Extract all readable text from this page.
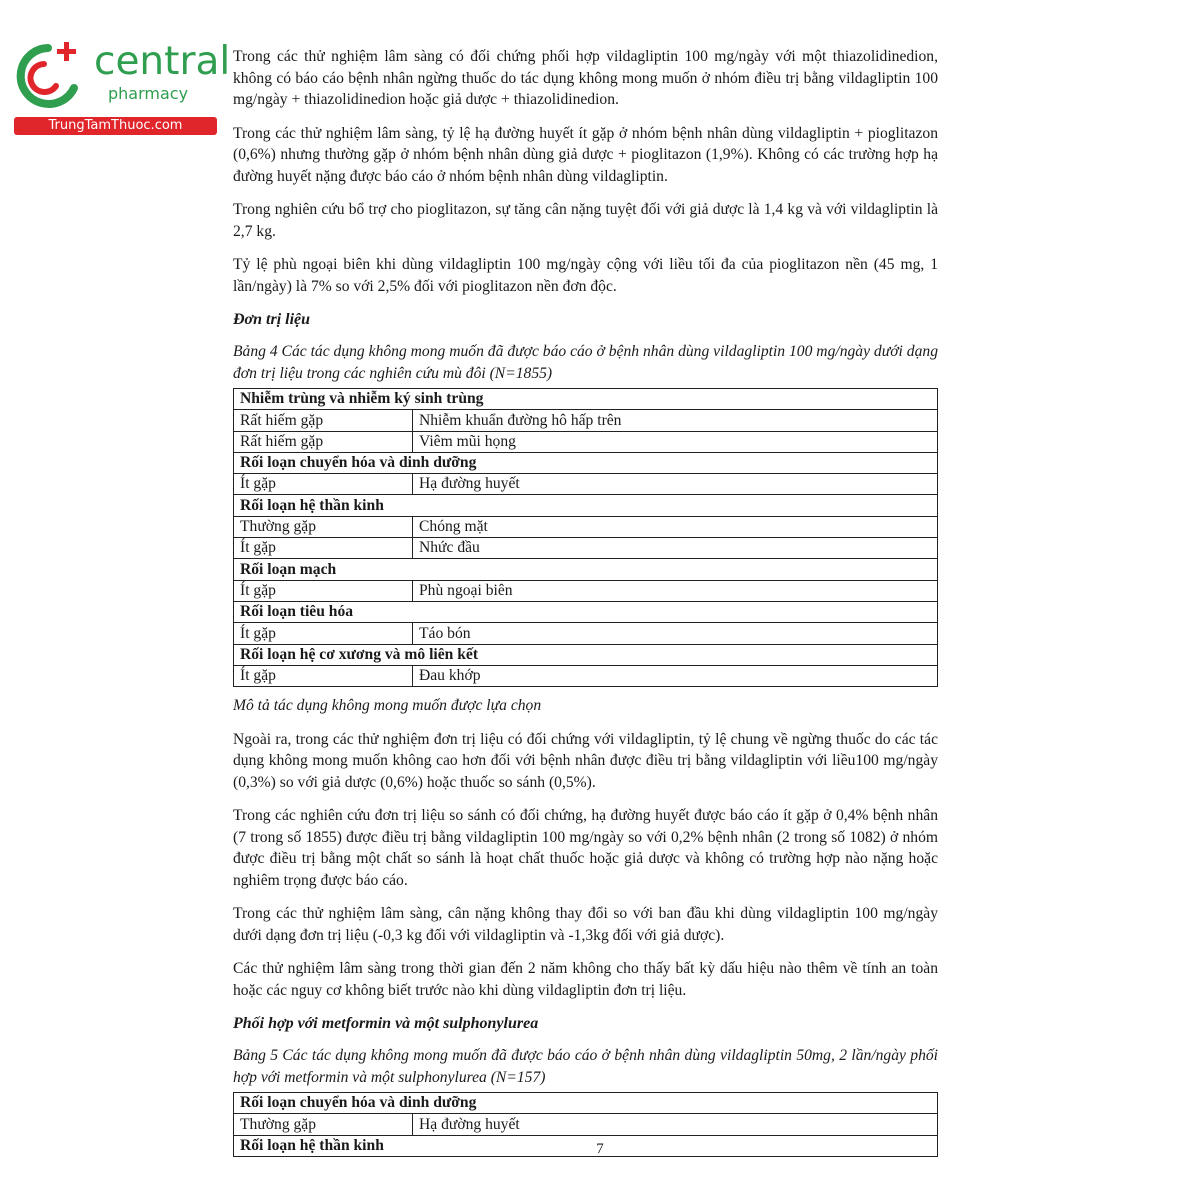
central
pharmacy
TrungTamThuoc.com

Trong các thử nghiệm lâm sàng có đối chứng phối hợp vildagliptin 100 mg/ngày với một thiazolidinedion, không có báo cáo bệnh nhân ngừng thuốc do tác dụng không mong muốn ở nhóm điều trị bằng vildagliptin 100 mg/ngày + thiazolidinedion hoặc giả dược + thiazolidinedion.

Trong các thử nghiệm lâm sàng, tỷ lệ hạ đường huyết ít gặp ở nhóm bệnh nhân dùng vildagliptin + pioglitazon (0,6%) nhưng thường gặp ở nhóm bệnh nhân dùng giả dược + pioglitazon (1,9%). Không có các trường hợp hạ đường huyết nặng được báo cáo ở nhóm bệnh nhân dùng vildagliptin.

Trong nghiên cứu bổ trợ cho pioglitazon, sự tăng cân nặng tuyệt đối với giả dược là 1,4 kg và với vildagliptin là 2,7 kg.

Tỷ lệ phù ngoại biên khi dùng vildagliptin 100 mg/ngày cộng với liều tối đa của pioglitazon nền (45 mg, 1 lần/ngày) là 7% so với 2,5% đối với pioglitazon nền đơn độc.

Đơn trị liệu

Bảng 4 Các tác dụng không mong muốn đã được báo cáo ở bệnh nhân dùng vildagliptin 100 mg/ngày dưới dạng đơn trị liệu trong các nghiên cứu mù đôi (N=1855)

Nhiễm trùng và nhiễm ký sinh trùng	
Rất hiếm gặp	Nhiễm khuẩn đường hô hấp trên
Rất hiếm gặp	Viêm mũi họng
Rối loạn chuyển hóa và dinh dưỡng	
Ít gặp	Hạ đường huyết
Rối loạn hệ thần kinh	
Thường gặp	Chóng mặt
Ít gặp	Nhức đầu
Rối loạn mạch	
Ít gặp	Phù ngoại biên
Rối loạn tiêu hóa	
Ít gặp	Táo bón
Rối loạn hệ cơ xương và mô liên kết	
Ít gặp	Đau khớp

Mô tả tác dụng không mong muốn được lựa chọn

Ngoài ra, trong các thử nghiệm đơn trị liệu có đối chứng với vildagliptin, tỷ lệ chung về ngừng thuốc do các tác dụng không mong muốn không cao hơn đối với bệnh nhân được điều trị bằng vildagliptin với liều100 mg/ngày (0,3%) so với giả dược (0,6%) hoặc thuốc so sánh (0,5%).

Trong các nghiên cứu đơn trị liệu so sánh có đối chứng, hạ đường huyết được báo cáo ít gặp ở 0,4% bệnh nhân (7 trong số 1855) được điều trị bằng vildagliptin 100 mg/ngày so với 0,2% bệnh nhân (2 trong số 1082) ở nhóm được điều trị bằng một chất so sánh là hoạt chất thuốc hoặc giả dược và không có trường hợp nào nặng hoặc nghiêm trọng được báo cáo.

Trong các thử nghiệm lâm sàng, cân nặng không thay đổi so với ban đầu khi dùng vildagliptin 100 mg/ngày dưới dạng đơn trị liệu (-0,3 kg đối với vildagliptin và -1,3kg đối với giả dược).

Các thử nghiệm lâm sàng trong thời gian đến 2 năm không cho thấy bất kỳ dấu hiệu nào thêm về tính an toàn hoặc các nguy cơ không biết trước nào khi dùng vildagliptin đơn trị liệu.

Phối hợp với metformin và một sulphonylurea

Bảng 5 Các tác dụng không mong muốn đã được báo cáo ở bệnh nhân dùng vildagliptin 50mg, 2 lần/ngày phối hợp với metformin và một sulphonylurea (N=157)

Rối loạn chuyển hóa và dinh dưỡng
Thường gặp	Hạ đường huyết
Rối loạn hệ thần kinh	7
